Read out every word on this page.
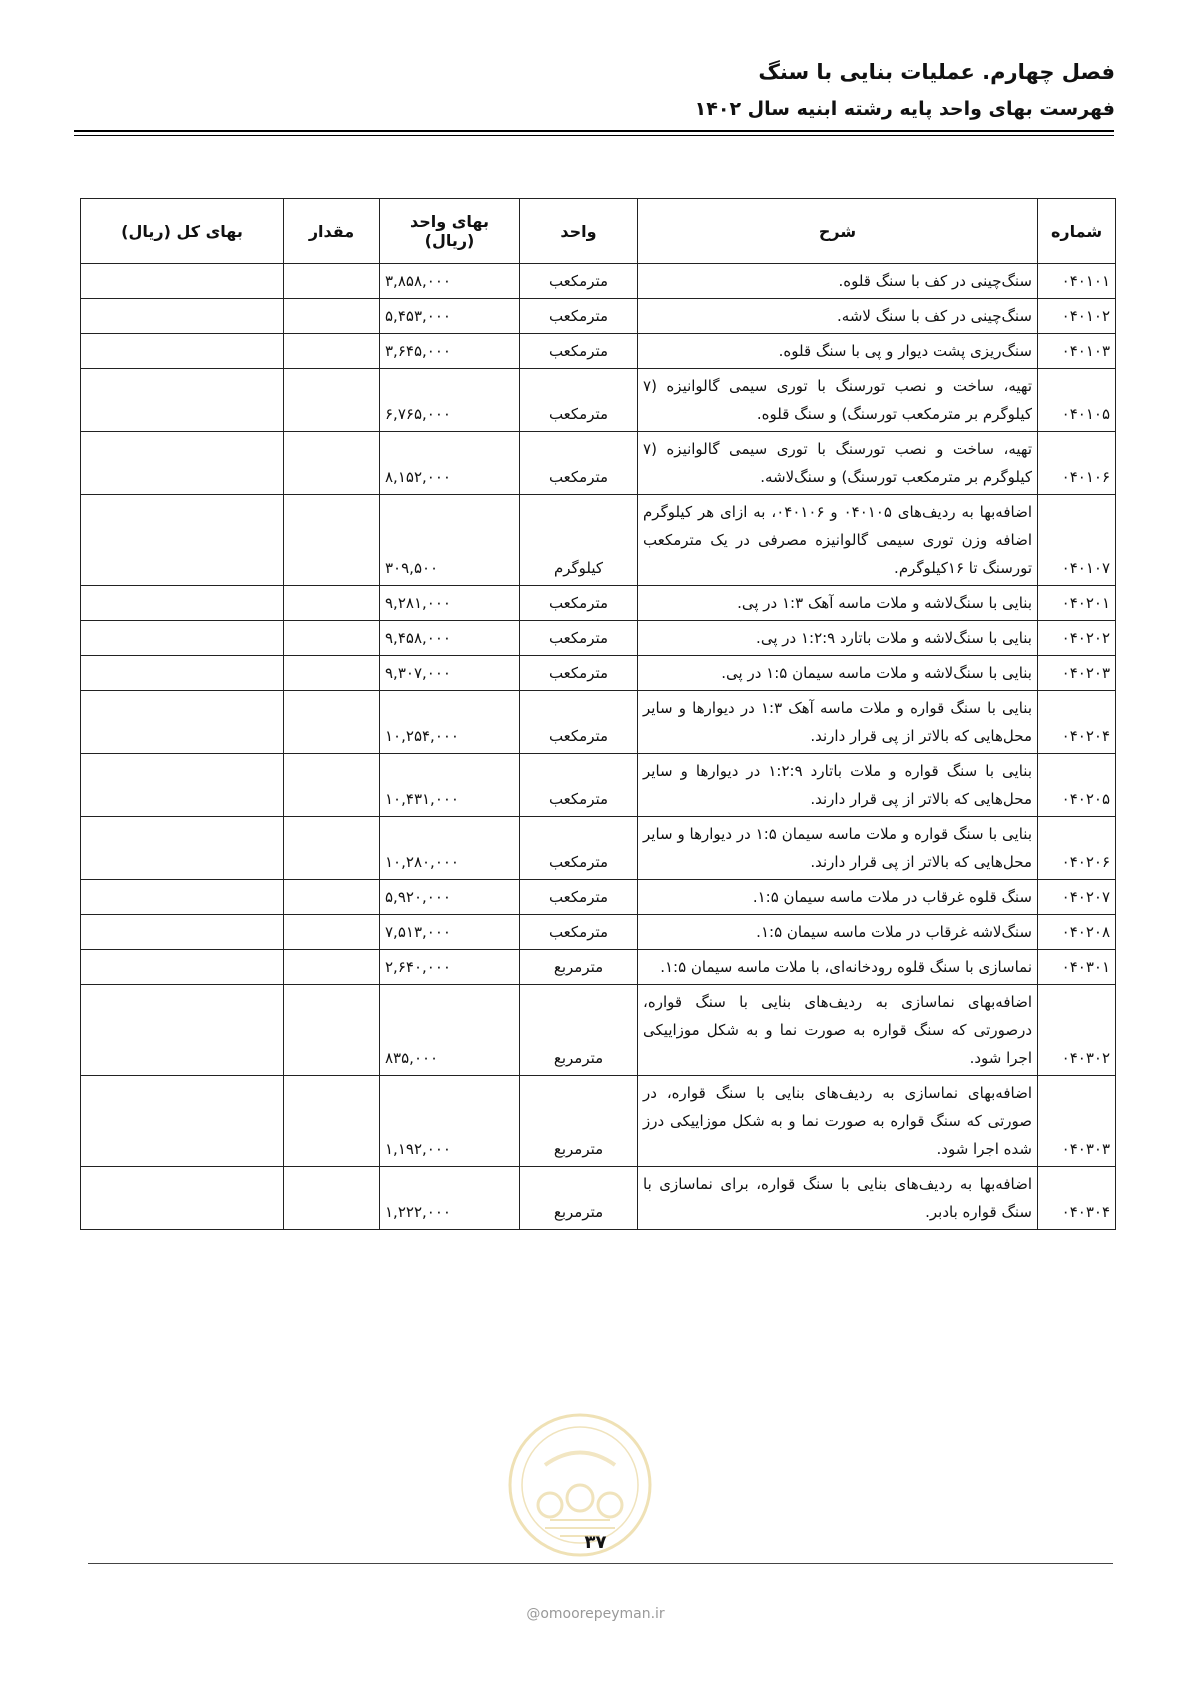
فصل چهارم. عملیات بنایی با سنگ
فهرست بهای واحد پایه رشته ابنیه سال ۱۴۰۲
شماره	شرح	واحد	بهای واحد (ریال)	مقدار	بهای کل (ریال)
۰۴۰۱۰۱	سنگ‌چینی در کف با سنگ قلوه.	مترمکعب	۳,۸۵۸,۰۰۰		
۰۴۰۱۰۲	سنگ‌چینی در کف با سنگ لاشه.	مترمکعب	۵,۴۵۳,۰۰۰		
۰۴۰۱۰۳	سنگ‌ریزی پشت دیوار و پی با سنگ قلوه.	مترمکعب	۳,۶۴۵,۰۰۰		
۰۴۰۱۰۵	تهیه، ساخت و نصب تورسنگ با توری سیمی گالوانیزه (۷ کیلوگرم بر مترمکعب تورسنگ) و سنگ قلوه.	مترمکعب	۶,۷۶۵,۰۰۰		
۰۴۰۱۰۶	تهیه، ساخت و نصب تورسنگ با توری سیمی گالوانیزه (۷ کیلوگرم بر مترمکعب تورسنگ) و سنگ‌لاشه.	مترمکعب	۸,۱۵۲,۰۰۰		
۰۴۰۱۰۷	اضافه‌بها به ردیف‌های ۰۴۰۱۰۵ و ۰۴۰۱۰۶، به ازای هر کیلوگرم اضافه وزن توری سیمی گالوانیزه مصرفی در یک مترمکعب تورسنگ تا ۱۶کیلوگرم.	کیلوگرم	۳۰۹,۵۰۰		
۰۴۰۲۰۱	بنایی با سنگ‌لاشه و ملات ماسه آهک ۱:۳ در پی.	مترمکعب	۹,۲۸۱,۰۰۰		
۰۴۰۲۰۲	بنایی با سنگ‌لاشه و ملات باتارد ۱:۲:۹ در پی.	مترمکعب	۹,۴۵۸,۰۰۰		
۰۴۰۲۰۳	بنایی با سنگ‌لاشه و ملات ماسه سیمان ۱:۵ در پی.	مترمکعب	۹,۳۰۷,۰۰۰		
۰۴۰۲۰۴	بنایی با سنگ قواره و ملات ماسه آهک ۱:۳ در دیوارها و سایر محل‌هایی که بالاتر از پی قرار دارند.	مترمکعب	۱۰,۲۵۴,۰۰۰		
۰۴۰۲۰۵	بنایی با سنگ قواره و ملات باتارد ۱:۲:۹ در دیوارها و سایر محل‌هایی که بالاتر از پی قرار دارند.	مترمکعب	۱۰,۴۳۱,۰۰۰		
۰۴۰۲۰۶	بنایی با سنگ قواره و ملات ماسه سیمان ۱:۵ در دیوارها و سایر محل‌هایی که بالاتر از پی قرار دارند.	مترمکعب	۱۰,۲۸۰,۰۰۰		
۰۴۰۲۰۷	سنگ قلوه غرقاب در ملات ماسه سیمان ۱:۵.	مترمکعب	۵,۹۲۰,۰۰۰		
۰۴۰۲۰۸	سنگ‌لاشه غرقاب در ملات ماسه سیمان ۱:۵.	مترمکعب	۷,۵۱۳,۰۰۰		
۰۴۰۳۰۱	نماسازی با سنگ قلوه رودخانه‌ای، با ملات ماسه سیمان ۱:۵.	مترمربع	۲,۶۴۰,۰۰۰		
۰۴۰۳۰۲	اضافه‌بهای نماسازی به ردیف‌های بنایی با سنگ قواره، درصورتی که سنگ قواره به صورت نما و به شکل موزاییکی اجرا شود.	مترمربع	۸۳۵,۰۰۰		
۰۴۰۳۰۳	اضافه‌بهای نماسازی به ردیف‌های بنایی با سنگ قواره، در صورتی که سنگ قواره به صورت نما و به شکل موزاییکی درز شده اجرا شود.	مترمربع	۱,۱۹۲,۰۰۰		
۰۴۰۳۰۴	اضافه‌بها به ردیف‌های بنایی با سنگ قواره، برای نماسازی با سنگ قواره بادبر.	مترمربع	۱,۲۲۲,۰۰۰		
۳۷
@omoorepeyman.ir
